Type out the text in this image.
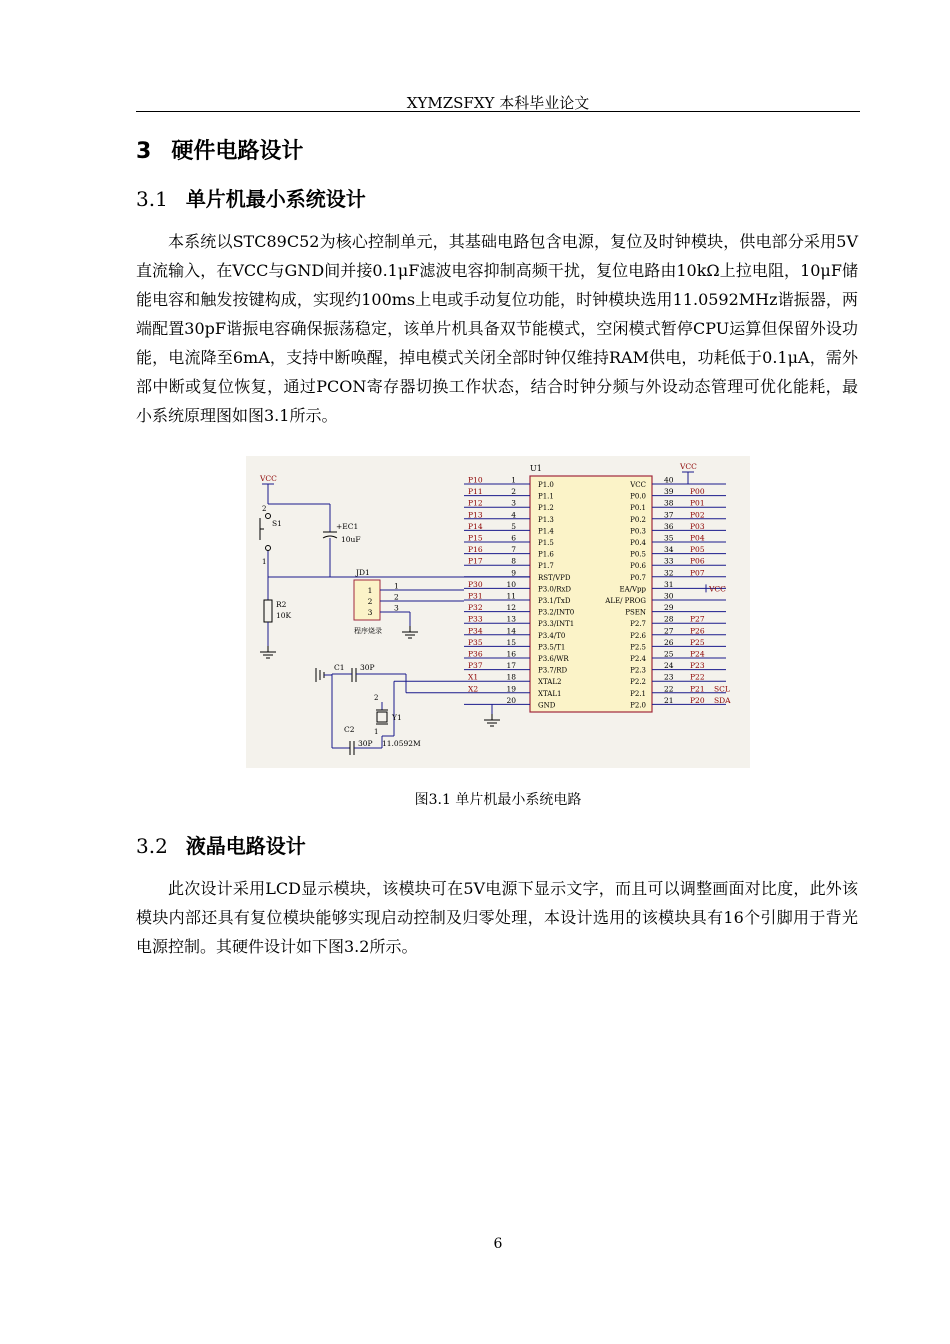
XYMZSFXY 本科毕业论文
3 硬件电路设计
3.1 单片机最小系统设计

本系统以STC89C52为核心控制单元，其基础电路包含电源，复位及时钟模块，供电部分采用5V直流输入，在VCC与GND间并接0.1μF滤波电容抑制高频干扰，复位电路由10kΩ上拉电阻，10μF储能电容和触发按键构成，实现约100ms上电或手动复位功能，时钟模块选用11.0592MHz谐振器，两端配置30pF谐振电容确保振荡稳定，该单片机具备双节能模式，空闲模式暂停CPU运算但保留外设功能，电流降至6mA，支持中断唤醒，掉电模式关闭全部时钟仅维持RAM供电，功耗低于0.1μA，需外部中断或复位恢复，通过PCON寄存器切换工作状态，结合时钟分频与外设动态管理可优化能耗，最小系统原理图如图3.1所示。

U1
1
P1.0
P10
VCC
40
2
P1.1
P11
P0.0
39 P00
3
P1.2
P12
P0.1
38 P01
4
P1.3
P13
P0.2
37 P02
5
P1.4
P14
P0.3
36 P03
6
P1.5
P15
P0.4
35 P04
7
P1.6
P16
P0.5
34 P05
8
P1.7
P17
P0.6
33 P06
9
RST/VPD	P0.7
32 P07
10
P3.0/RxD
P30
EA/Vpp
31
11
P3.1/TxD
P31
ALE/ PROG
30
12
P3.2/INT0
P32
PSEN
29
13
P3.3/INT1
P33
P2.7
28 P27
14
P3.4/T0
P34
P2.6
27 P26
15
P3.5/T1
P35
P2.5
26 P25
16
P3.6/WR
P36
P2.4
25 P24
17
P3.7/RD
P37
P2.3
24 P23
18
XTAL2
X1
P2.2
23 P22
19
XTAL1
X2
P2.1
22 P21
20
GND	P2.0
21 P20
VCC
VCC
SCL
SDA
VCC
2
S1
1
+EC1
10uF
R2
10K
JD1
1	1
2	2
3	3
程序烧录
C1 30P
C2
30P
2
Y1
1
11.0592M
图3.1 单片机最小系统电路
3.2 液晶电路设计

此次设计采用LCD显示模块，该模块可在5V电源下显示文字，而且可以调整画面对比度，此外该模块内部还具有复位模块能够实现启动控制及归零处理，本设计选用的该模块具有16个引脚用于背光电源控制。其硬件设计如下图3.2所示。

6
